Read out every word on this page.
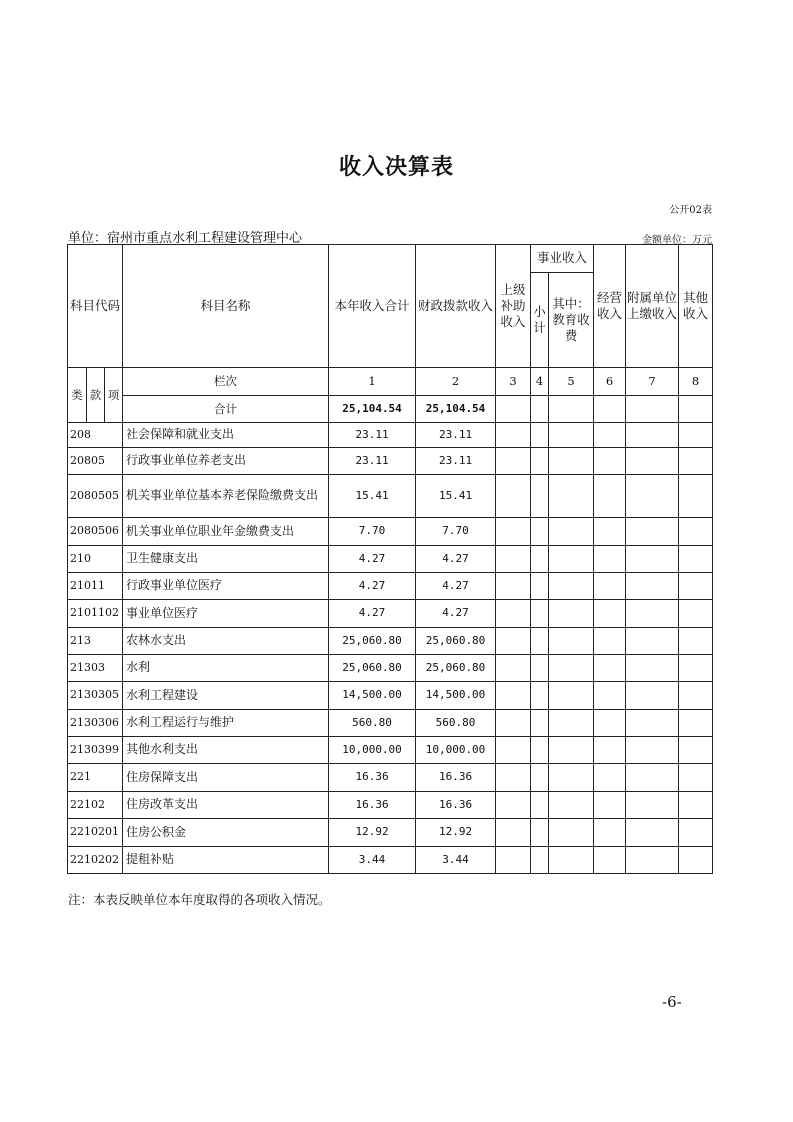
收入决算表
公开02表
单位：宿州市重点水利工程建设管理中心	金额单位：万元
科目代码			科目名称	本年收入合计	财政拨款收入	上级补助收入	事业收入		经营收入	附属单位上缴收入	其他收入
							小计	其中：教育收费			
类	款	项	栏次	1	2	3	4	5	6	7	8
			合计	25,104.54	25,104.54						
208			社会保障和就业支出	23.11	23.11						
20805			行政事业单位养老支出	23.11	23.11						
2080505			机关事业单位基本养老保险缴费支出	15.41	15.41						
2080506			机关事业单位职业年金缴费支出	7.70	7.70						
210			卫生健康支出	4.27	4.27						
21011			行政事业单位医疗	4.27	4.27						
2101102			事业单位医疗	4.27	4.27						
213			农林水支出	25,060.80	25,060.80						
21303			水利	25,060.80	25,060.80						
2130305			水利工程建设	14,500.00	14,500.00						
2130306			水利工程运行与维护	560.80	560.80						
2130399			其他水利支出	10,000.00	10,000.00						
221			住房保障支出	16.36	16.36						
22102			住房改革支出	16.36	16.36						
2210201			住房公积金	12.92	12.92						
2210202			提租补贴	3.44	3.44						
注：本表反映单位本年度取得的各项收入情况。
-6-
